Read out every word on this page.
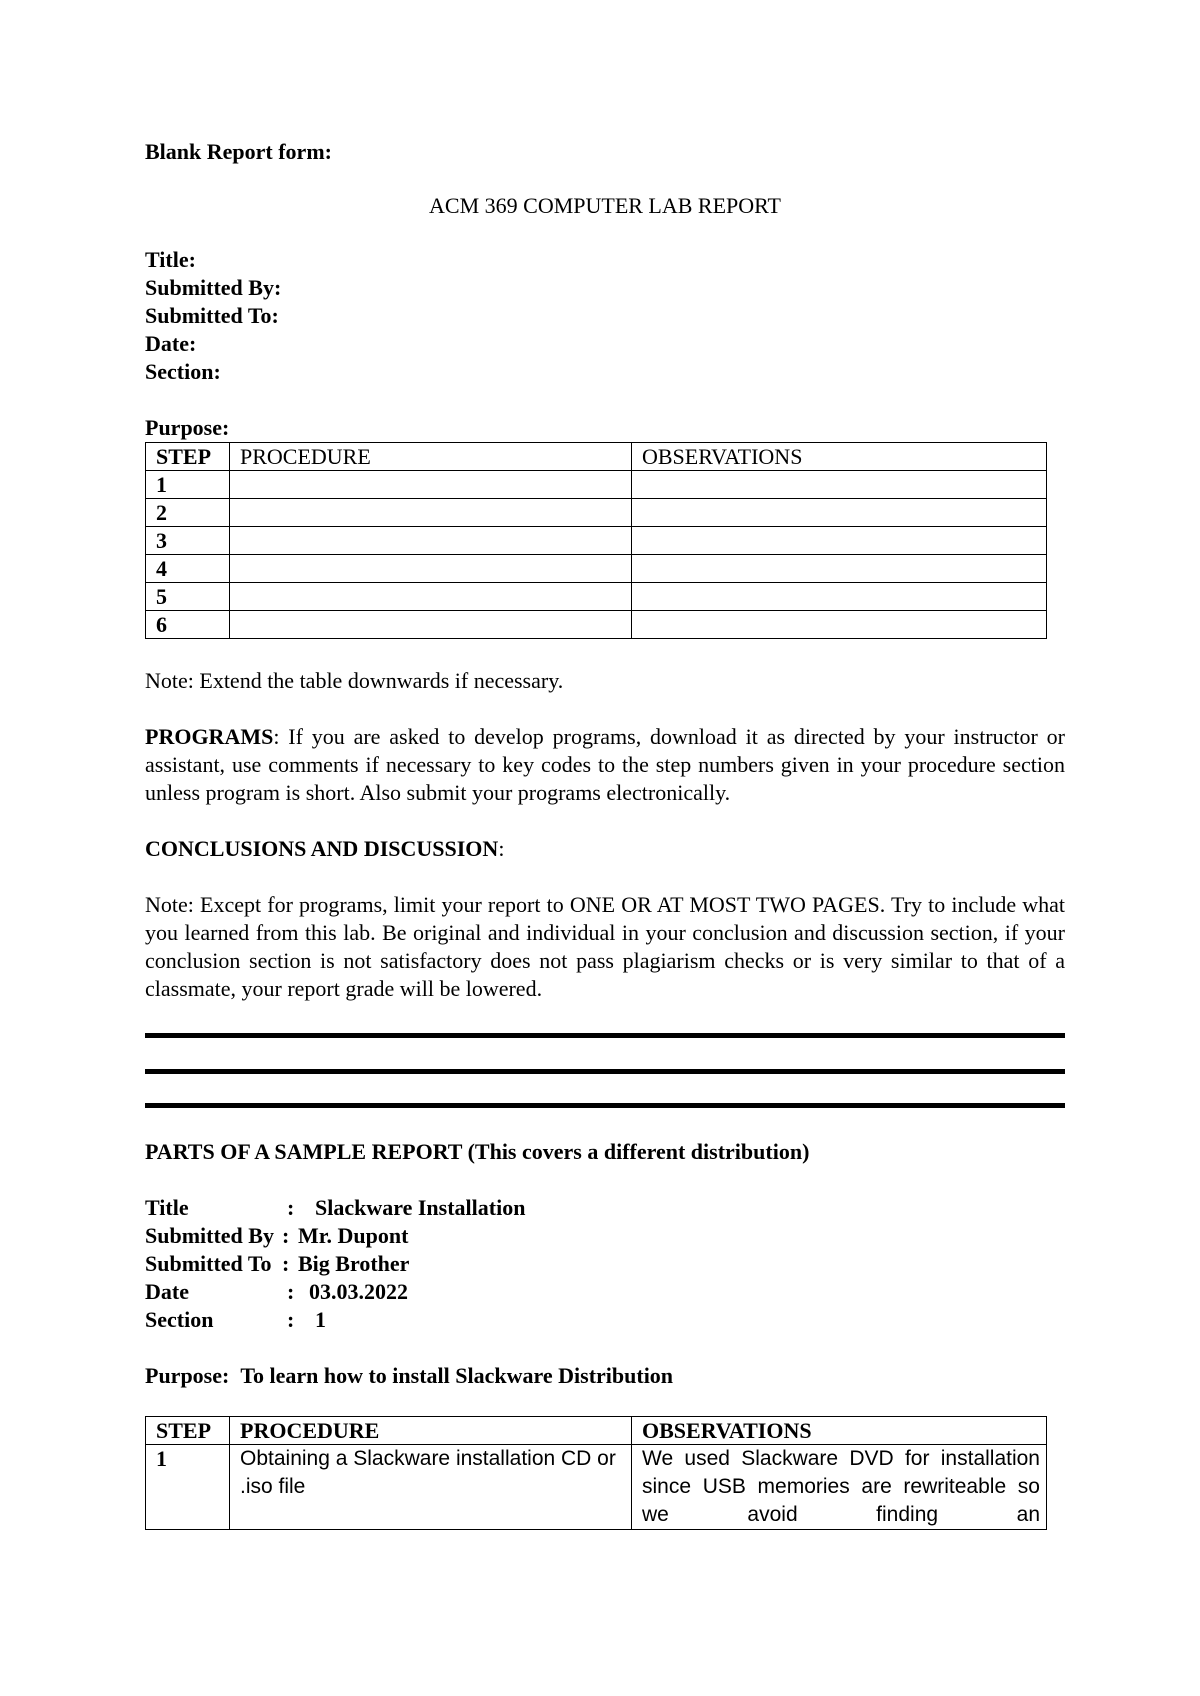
Blank Report form:

ACM 369 COMPUTER LAB REPORT

Title:

Submitted By:

Submitted To:

Date:

Section:

Purpose:

STEP	PROCEDURE	OBSERVATIONS
1		
2		
3		
4		
5		
6		

Note: Extend the table downwards if necessary.

PROGRAMS: If you are asked to develop programs, download it as directed by your instructor or assistant, use comments if necessary to key codes to the step numbers given in your procedure section unless program is short. Also submit your programs electronically.

CONCLUSIONS AND DISCUSSION:

Note: Except for programs, limit your report to ONE OR AT MOST TWO PAGES. Try to include what you learned from this lab. Be original and individual in your conclusion and discussion section, if your conclusion section is not satisfactory does not pass plagiarism checks or is very similar to that of a classmate, your report grade will be lowered.

PARTS OF A SAMPLE REPORT (This covers a different distribution)

Title	: Slackware Installation
Submitted By : Mr. Dupont
Submitted To : Big Brother
Date	: 03.03.2022
Section	: 1

Purpose: To learn how to install Slackware Distribution

STEP	PROCEDURE	OBSERVATIONS
1	Obtaining a Slackware installation CD or .iso file	We used Slackware DVD for installation since USB memories are rewriteable so we avoid finding an
